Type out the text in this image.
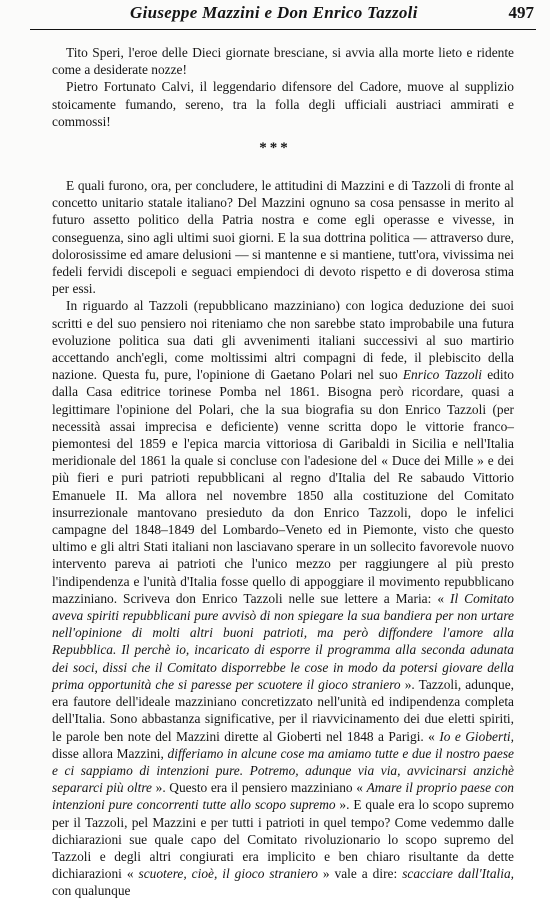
Giuseppe Mazzini e Don Enrico Tazzoli	497

Tito Speri, l'eroe delle Dieci giornate bresciane, si avvia alla morte lieto e ridente come a desiderate nozze!

Pietro Fortunato Calvi, il leggendario difensore del Cadore, muove al supplizio stoicamente fumando, sereno, tra la folla degli ufficiali austriaci ammirati e commossi!

***

E quali furono, ora, per concludere, le attitudini di Mazzini e di Tazzoli di fronte al concetto unitario statale italiano? Del Mazzini ognuno sa cosa pensasse in merito al futuro assetto politico della Patria nostra e come egli operasse e vivesse, in conseguenza, sino agli ultimi suoi giorni. E la sua dottrina politica — attraverso dure, dolorosissime ed amare delusioni — si mantenne e si mantiene, tutt'ora, vivissima nei fedeli fervidi discepoli e seguaci empiendoci di devoto rispetto e di doverosa stima per essi.

In riguardo al Tazzoli (repubblicano mazziniano) con logica deduzione dei suoi scritti e del suo pensiero noi riteniamo che non sarebbe stato improbabile una futura evoluzione politica sua dati gli avvenimenti italiani successivi al suo martirio accettando anch'egli, come moltissimi altri compagni di fede, il plebiscito della nazione. Questa fu, pure, l'opinione di Gaetano Polari nel suo Enrico Tazzoli edito dalla Casa editrice torinese Pomba nel 1861. Bisogna però ricordare, quasi a legittimare l'opinione del Polari, che la sua biografia su don Enrico Tazzoli (per necessità assai imprecisa e deficiente) venne scritta dopo le vittorie franco–piemontesi del 1859 e l'epica marcia vittoriosa di Garibaldi in Sicilia e nell'Italia meridionale del 1861 la quale si concluse con l'adesione del « Duce dei Mille » e dei più fieri e puri patrioti repubblicani al regno d'Italia del Re sabaudo Vittorio Emanuele II. Ma allora nel novembre 1850 alla costituzione del Comitato insurrezionale mantovano presieduto da don Enrico Tazzoli, dopo le infelici campagne del 1848–1849 del Lombardo–Veneto ed in Piemonte, visto che questo ultimo e gli altri Stati italiani non lasciavano sperare in un sollecito favorevole nuovo intervento pareva ai patrioti che l'unico mezzo per raggiungere al più presto l'indipendenza e l'unità d'Italia fosse quello di appoggiare il movimento repubblicano mazziniano. Scriveva don Enrico Tazzoli nelle sue lettere a Maria: « Il Comitato aveva spiriti repubblicani pure avvisò di non spiegare la sua bandiera per non urtare nell'opinione di molti altri buoni patrioti, ma però diffondere l'amore alla Repubblica. Il perchè io, incaricato di esporre il programma alla seconda adunata dei soci, dissi che il Comitato disporrebbe le cose in modo da potersi giovare della prima opportunità che si paresse per scuotere il gioco straniero ». Tazzoli, adunque, era fautore dell'ideale mazziniano concretizzato nell'unità ed indipendenza completa dell'Italia. Sono abbastanza significative, per il riavvicinamento dei due eletti spiriti, le parole ben note del Mazzini dirette al Gioberti nel 1848 a Parigi. « Io e Gioberti, disse allora Mazzini, differiamo in alcune cose ma amiamo tutte e due il nostro paese e ci sappiamo di intenzioni pure. Potremo, adunque via via, avvicinarsi anzichè separarci più oltre ». Questo era il pensiero mazziniano « Amare il proprio paese con intenzioni pure concorrenti tutte allo scopo supremo ». E quale era lo scopo supremo per il Tazzoli, pel Mazzini e per tutti i patrioti in quel tempo? Come vedemmo dalle dichiarazioni sue quale capo del Comitato rivoluzionario lo scopo supremo del Tazzoli e degli altri congiurati era implicito e ben chiaro risultante da dette dichiarazioni « scuotere, cioè, il gioco straniero » vale a dire: scacciare dall'Italia, con qualunque
